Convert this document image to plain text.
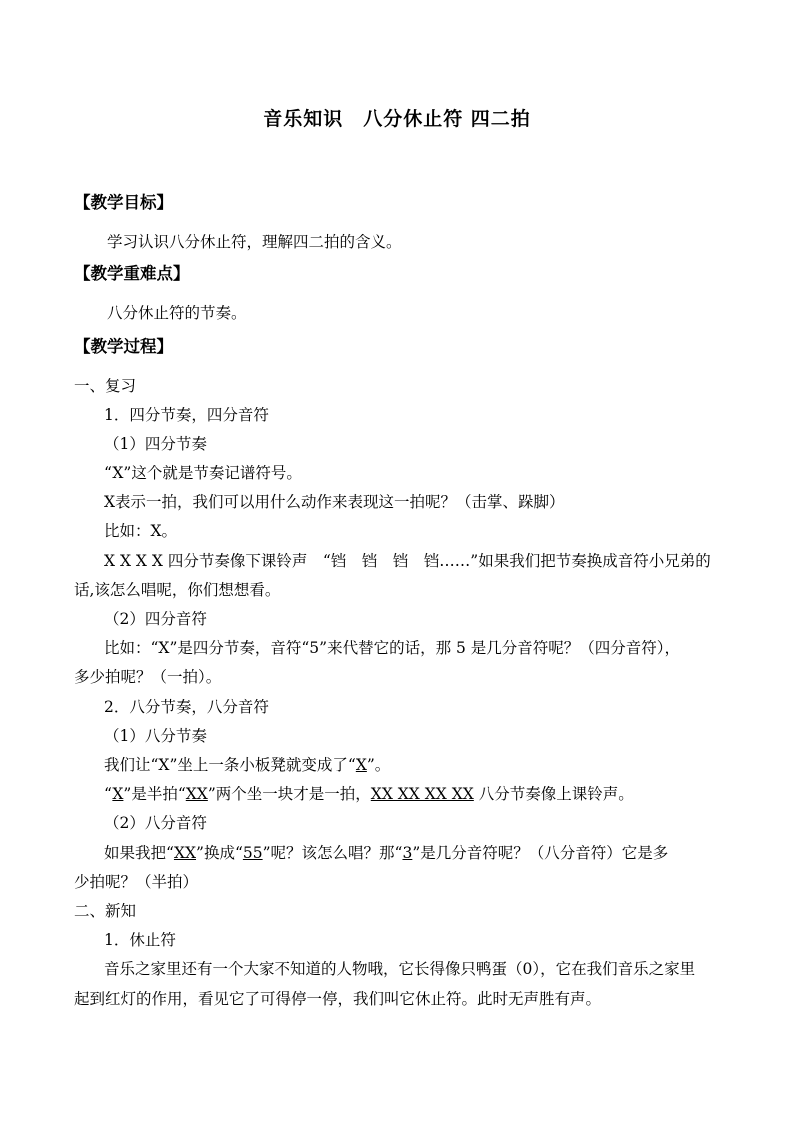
音乐知识　八分休止符 四二拍
【教学目标】
学习认识八分休止符，理解四二拍的含义。
【教学重难点】
八分休止符的节奏。
【教学过程】
一、复习
1．四分节奏，四分音符
（1）四分节奏
“X”这个就是节奏记谱符号。
X表示一拍，我们可以用什么动作来表现这一拍呢？（击掌、跺脚）
比如：X。
X X X X 四分节奏像下课铃声　“铛　铛　铛　铛……”如果我们把节奏换成音符小兄弟的
话,该怎么唱呢，你们想想看。
（2）四分音符
比如：“X”是四分节奏，音符“5”来代替它的话，那 5 是几分音符呢？（四分音符），
多少拍呢？（一拍）。
2．八分节奏，八分音符
（1）八分节奏
我们让“X”坐上一条小板凳就变成了“X”。
“X”是半拍“XX”两个坐一块才是一拍，XX XX XX XX 八分节奏像上课铃声。
（2）八分音符
如果我把“XX”换成“55”呢？该怎么唱？那“3”是几分音符呢？（八分音符）它是多
少拍呢？（半拍）
二、新知
1．休止符
音乐之家里还有一个大家不知道的人物哦，它长得像只鸭蛋（0），它在我们音乐之家里
起到红灯的作用，看见它了可得停一停，我们叫它休止符。此时无声胜有声。
